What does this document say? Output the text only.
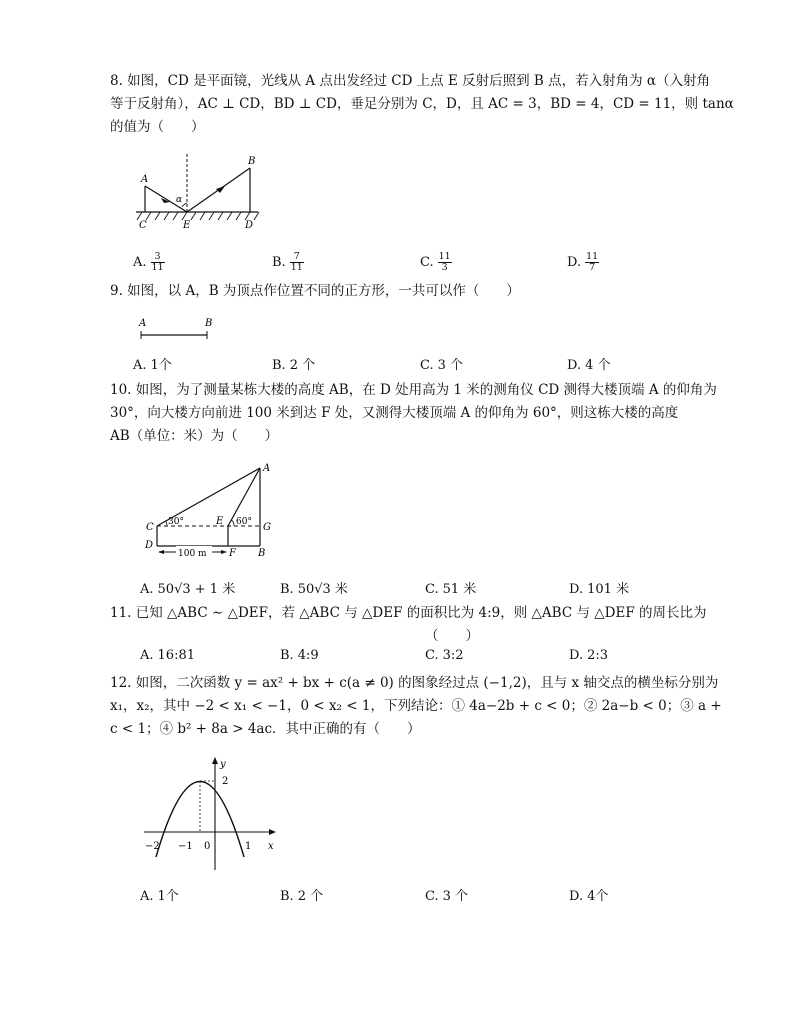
8. 如图，CD 是平面镜，光线从 A 点出发经过 CD 上点 E 反射后照到 B 点，若入射角为 α（入射角
等于反射角），AC ⊥ CD，BD ⊥ CD，垂足分别为 C，D，且 AC = 3，BD = 4，CD = 11，则 tanα
的值为（　　）
A
B
C	E	D
α
A. $\frac{3}{11}$	B. $\frac{7}{11}$	C. $\frac{11}{3}$	D. $\frac{11}{7}$
9. 如图，以 A，B 为顶点作位置不同的正方形，一共可以作（　　）
A	B
A. 1个	B. 2 个	C. 3 个	D. 4 个
10. 如图，为了测量某栋大楼的高度 AB，在 D 处用高为 1 米的测角仪 CD 测得大楼顶端 A 的仰角为
30°，向大楼方向前进 100 米到达 F 处，又测得大楼顶端 A 的仰角为 60°，则这栋大楼的高度
AB（单位：米）为（　　）
100 m
A
C
E
G
D
F B
30°	60°
A. 50√3 + 1 米	B. 50√3 米	C. 51 米	D. 101 米
11. 已知 △ABC ∼ △DEF，若 △ABC 与 △DEF 的面积比为 4:9，则 △ABC 与 △DEF 的周长比为
（　　）
A. 16:81	B. 4:9	C. 3:2	D. 2:3
12. 如图，二次函数 y = ax² + bx + c(a ≠ 0) 的图象经过点 (−1,2)，且与 x 轴交点的横坐标分别为
x₁，x₂，其中 −2 < x₁ < −1，0 < x₂ < 1，下列结论：① 4a−2b + c < 0；② 2a−b < 0；③ a +
c < 1；④ b² + 8a > 4ac．其中正确的有（　　）
y
x
2
−2 −1 0	1
A. 1个	B. 2 个	C. 3 个	D. 4个
